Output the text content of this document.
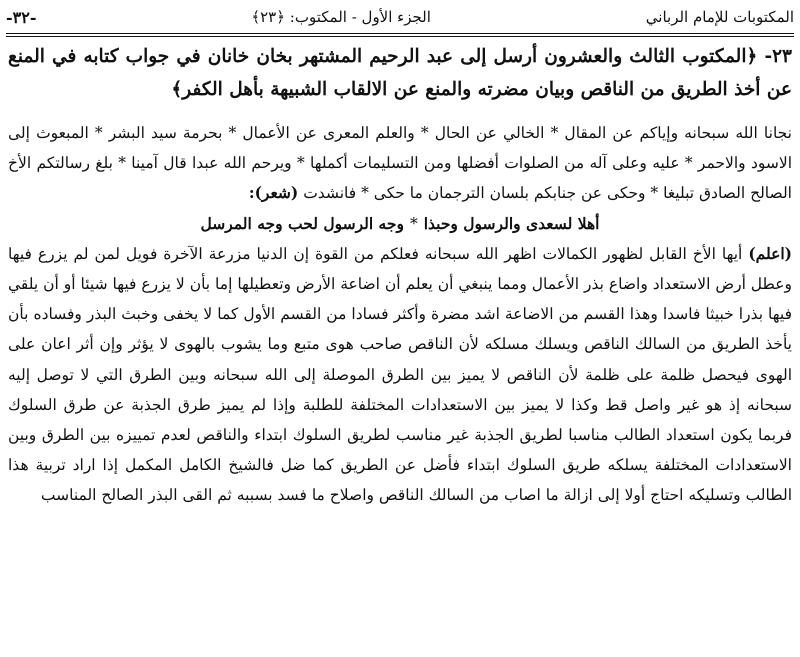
المكتوبات للإمام الرباني
الجزء الأول - المكتوب: ﴿٢٣﴾
-٣٢-
٢٣- ﴿المكتوب الثالث والعشرون أرسل إلى عبد الرحيم المشتهر بخان خانان في جواب كتابه في المنع عن أخذ الطريق من الناقص وبيان مضرته والمنع عن الالقاب الشبيهة بأهل الكفر﴾

نجانا الله سبحانه وإياكم عن المقال * الخالي عن الحال * والعلم المعرى عن الأعمال * بحرمة سيد البشر * المبعوث إلى الاسود والاحمر * عليه وعلى آله من الصلوات أفضلها ومن التسليمات أكملها * ويرحم الله عبدا قال آمينا * بلغ رسالتكم الأخ الصالح الصادق تبليغا * وحكى عن جنابكم بلسان الترجمان ما حكى * فانشدت (شعر):

أهلا لسعدى والرسول وحبذا*وجه الرسول لحب وجه المرسل

(اعلم) أيها الأخ القابل لظهور الكمالات اظهر الله سبحانه فعلكم من القوة إن الدنيا مزرعة الآخرة فويل لمن لم يزرع فيها وعطل أرض الاستعداد واضاع بذر الأعمال ومما ينبغي أن يعلم أن اضاعة الأرض وتعطيلها إما بأن لا يزرع فيها شيئا أو أن يلقي فيها بذرا خبيثا فاسدا وهذا القسم من الاضاعة اشد مضرة وأكثر فسادا من القسم الأول كما لا يخفى وخبث البذر وفساده بأن يأخذ الطريق من السالك الناقص ويسلك مسلكه لأن الناقص صاحب هوى متبع وما يشوب بالهوى لا يؤثر وإن أثر اعان على الهوى فيحصل ظلمة على ظلمة لأن الناقص لا يميز بين الطرق الموصلة إلى الله سبحانه وبين الطرق التي لا توصل إليه سبحانه إذ هو غير واصل قط وكذا لا يميز بين الاستعدادات المختلفة للطلبة وإذا لم يميز طرق الجذبة عن طرق السلوك فربما يكون استعداد الطالب مناسبا لطريق الجذبة غير مناسب لطريق السلوك ابتداء والناقص لعدم تمييزه بين الطرق وبين الاستعدادات المختلفة يسلكه طريق السلوك ابتداء فأضل عن الطريق كما ضل فالشيخ الكامل المكمل إذا اراد تربية هذا الطالب وتسليكه احتاج أولا إلى ازالة ما اصاب من السالك الناقص واصلاح ما فسد بسببه ثم القى البذر الصالح المناسب
